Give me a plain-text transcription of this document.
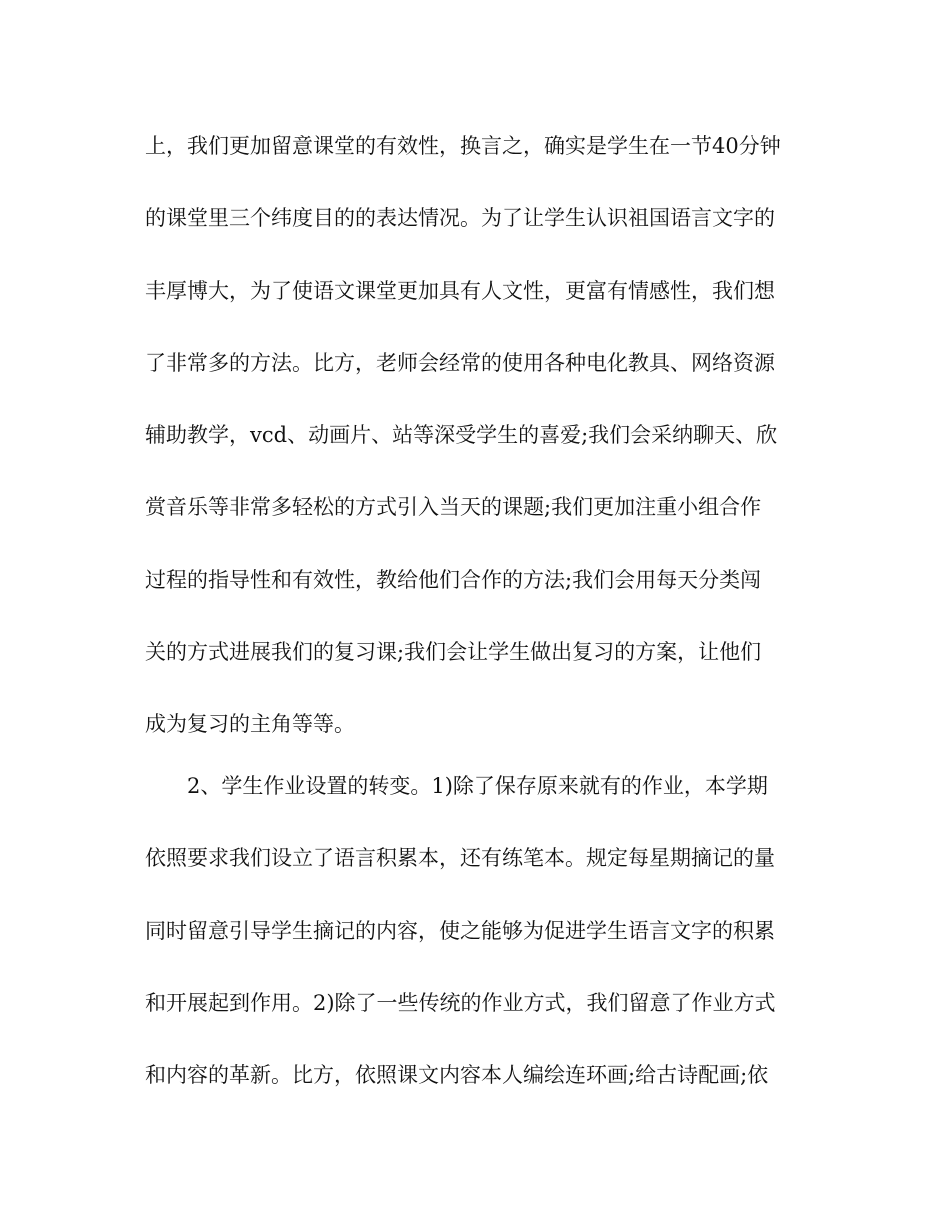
上，我们更加留意课堂的有效性，换言之，确实是学生在一节40分钟
的课堂里三个纬度目的的表达情况。为了让学生认识祖国语言文字的
丰厚博大，为了使语文课堂更加具有人文性，更富有情感性，我们想
了非常多的方法。比方，老师会经常的使用各种电化教具、网络资源
辅助教学，vcd、动画片、站等深受学生的喜爱;我们会采纳聊天、欣
赏音乐等非常多轻松的方式引入当天的课题;我们更加注重小组合作
过程的指导性和有效性，教给他们合作的方法;我们会用每天分类闯
关的方式进展我们的复习课;我们会让学生做出复习的方案，让他们
成为复习的主角等等。
2、学生作业设置的转变。1)除了保存原来就有的作业，本学期
依照要求我们设立了语言积累本，还有练笔本。规定每星期摘记的量
同时留意引导学生摘记的内容，使之能够为促进学生语言文字的积累
和开展起到作用。2)除了一些传统的作业方式，我们留意了作业方式
和内容的革新。比方，依照课文内容本人编绘连环画;给古诗配画;依
